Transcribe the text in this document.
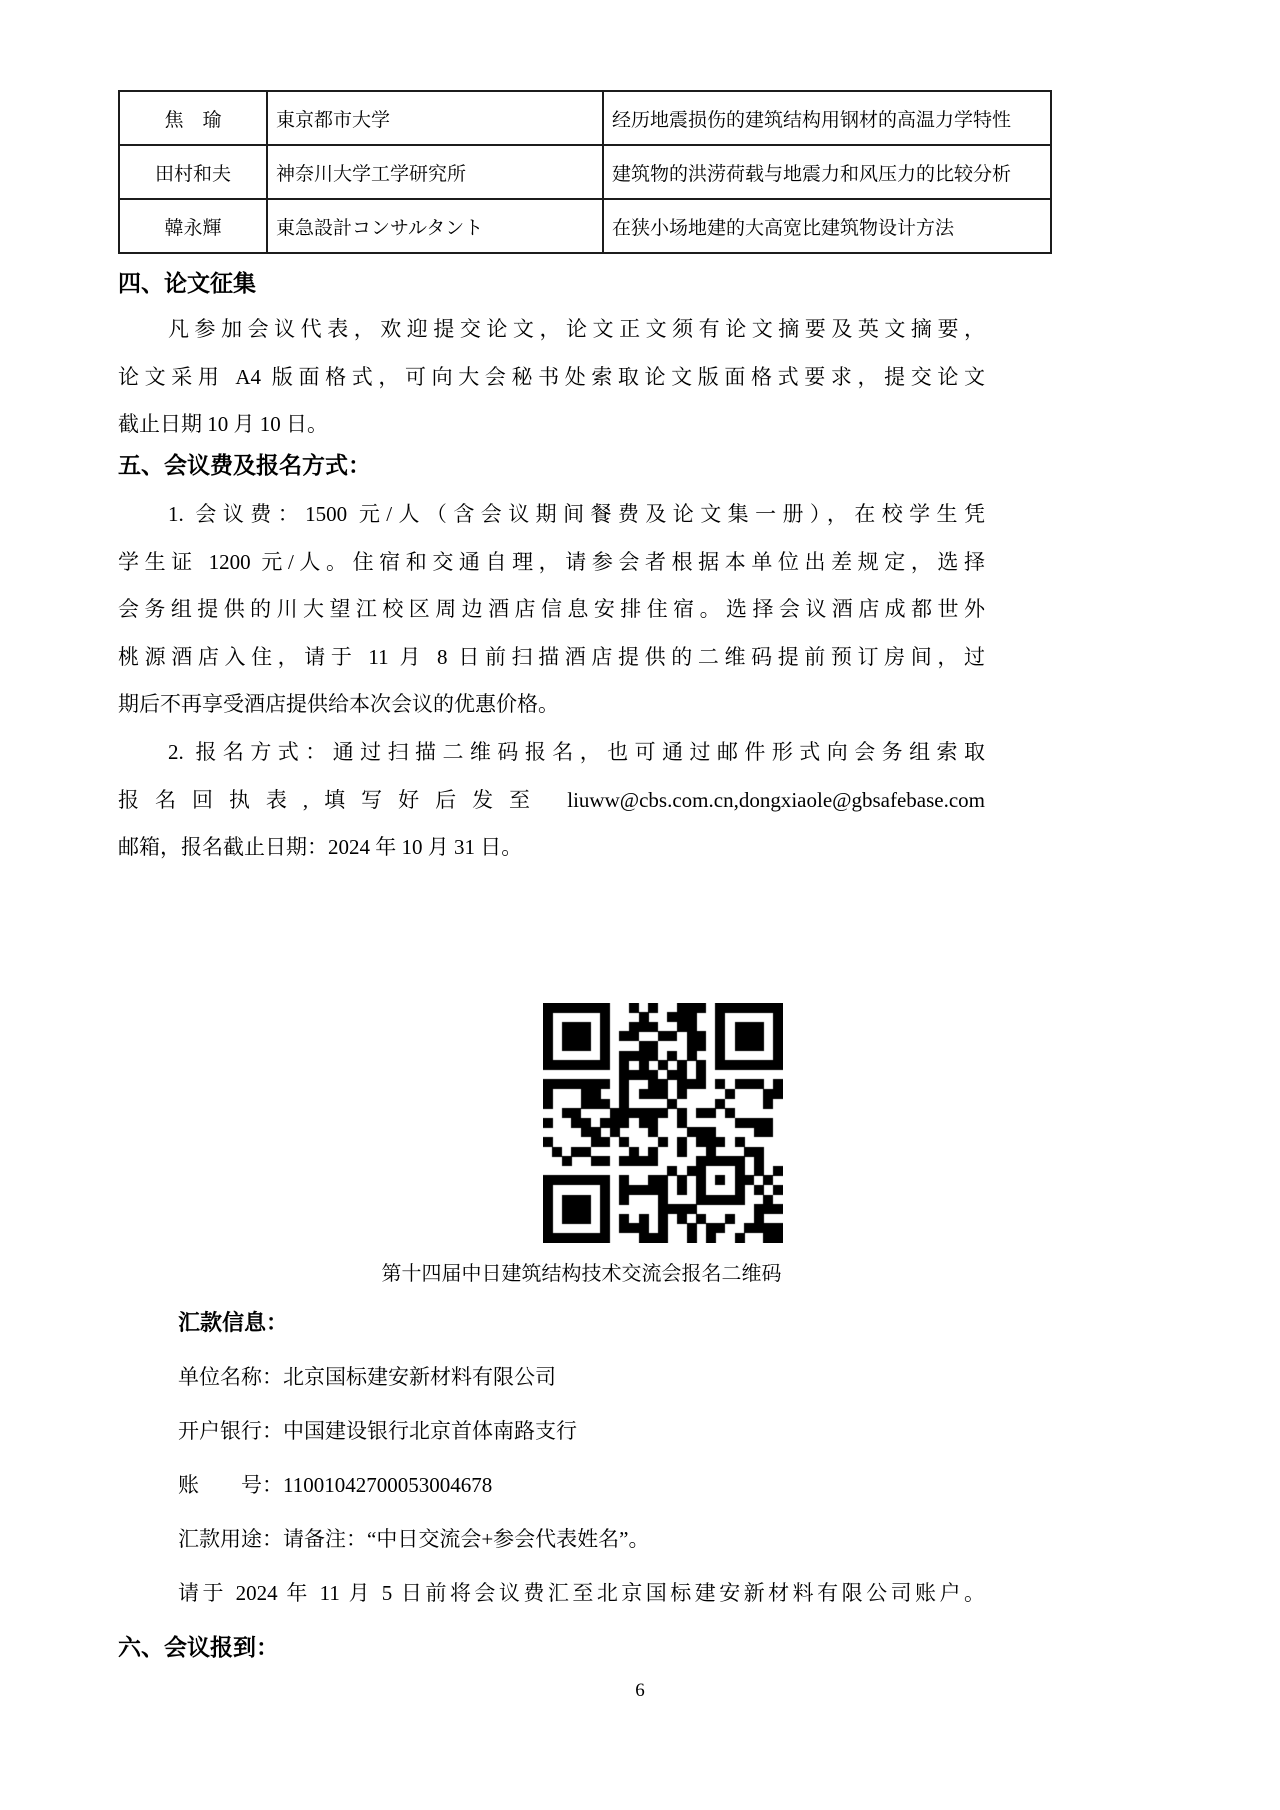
焦　瑜	東京都市大学	经历地震损伤的建筑结构用钢材的高温力学特性
田村和夫	神奈川大学工学研究所	建筑物的洪涝荷载与地震力和风压力的比较分析
韓永輝	東急設計コンサルタント	在狭小场地建的大高宽比建筑物设计方法
四、论文征集
凡参加会议代表，欢迎提交论文，论文正文须有论文摘要及英文摘要，
论文采用 A4 版面格式，可向大会秘书处索取论文版面格式要求，提交论文
截止日期 10 月 10 日。
五、会议费及报名方式：
1. 会议费：1500 元/人（含会议期间餐费及论文集一册），在校学生凭
学生证 1200 元/人。住宿和交通自理，请参会者根据本单位出差规定，选择
会务组提供的川大望江校区周边酒店信息安排住宿。选择会议酒店成都世外
桃源酒店入住，请于 11 月 8 日前扫描酒店提供的二维码提前预订房间，过
期后不再享受酒店提供给本次会议的优惠价格。
2. 报名方式：通过扫描二维码报名，也可通过邮件形式向会务组索取
报名回执表,填写好后发至 liuww@cbs.com.cn,dongxiaole@gbsafebase.com
邮箱，报名截止日期：2024 年 10 月 31 日。
第十四届中日建筑结构技术交流会报名二维码
汇款信息：
单位名称：北京国标建安新材料有限公司
开户银行：中国建设银行北京首体南路支行
账　　号：11001042700053004678
汇款用途：请备注：“中日交流会+参会代表姓名”。
请于 2024 年 11 月 5 日前将会议费汇至北京国标建安新材料有限公司账户。
六、会议报到：
6
